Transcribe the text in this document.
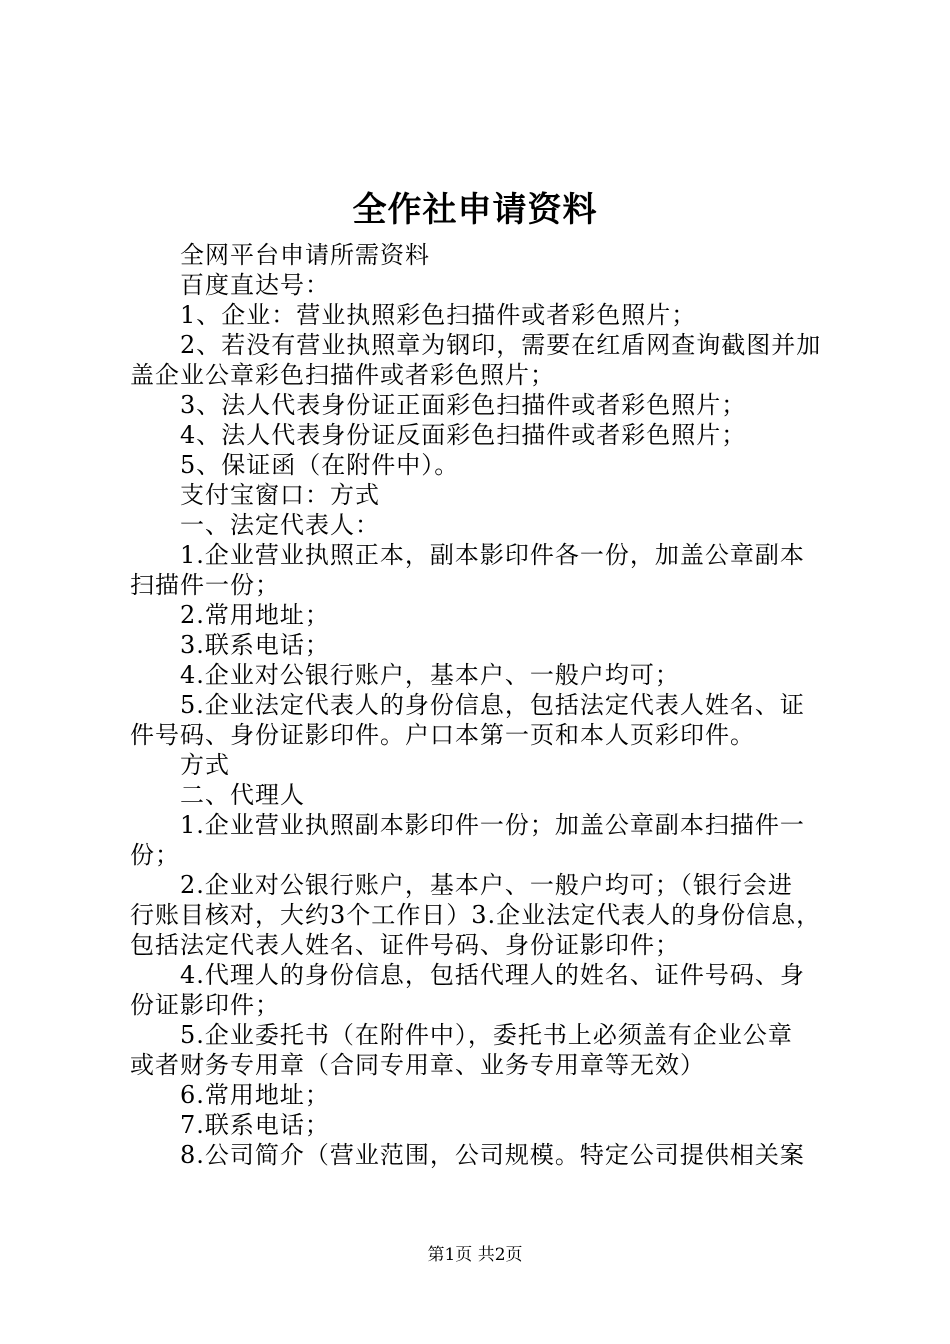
全作社申请资料
全网平台申请所需资料
百度直达号：
1、企业：营业执照彩色扫描件或者彩色照片；
2、若没有营业执照章为钢印，需要在红盾网查询截图并加
盖企业公章彩色扫描件或者彩色照片；
3、法人代表身份证正面彩色扫描件或者彩色照片；
4、法人代表身份证反面彩色扫描件或者彩色照片；
5、保证函（在附件中）。
支付宝窗口：方式
一、法定代表人：
1.企业营业执照正本，副本影印件各一份，加盖公章副本
扫描件一份；
2.常用地址；
3.联系电话；
4.企业对公银行账户，基本户、一般户均可；
5.企业法定代表人的身份信息，包括法定代表人姓名、证
件号码、身份证影印件。户口本第一页和本人页彩印件。
方式
二、代理人
1.企业营业执照副本影印件一份；加盖公章副本扫描件一
份；
2.企业对公银行账户，基本户、一般户均可；（银行会进
行账目核对，大约3个工作日）3.企业法定代表人的身份信息，
包括法定代表人姓名、证件号码、身份证影印件；
4.代理人的身份信息，包括代理人的姓名、证件号码、身
份证影印件；
5.企业委托书（在附件中），委托书上必须盖有企业公章
或者财务专用章（合同专用章、业务专用章等无效）
6.常用地址；
7.联系电话；
8.公司简介（营业范围，公司规模。特定公司提供相关案
第1页 共2页
